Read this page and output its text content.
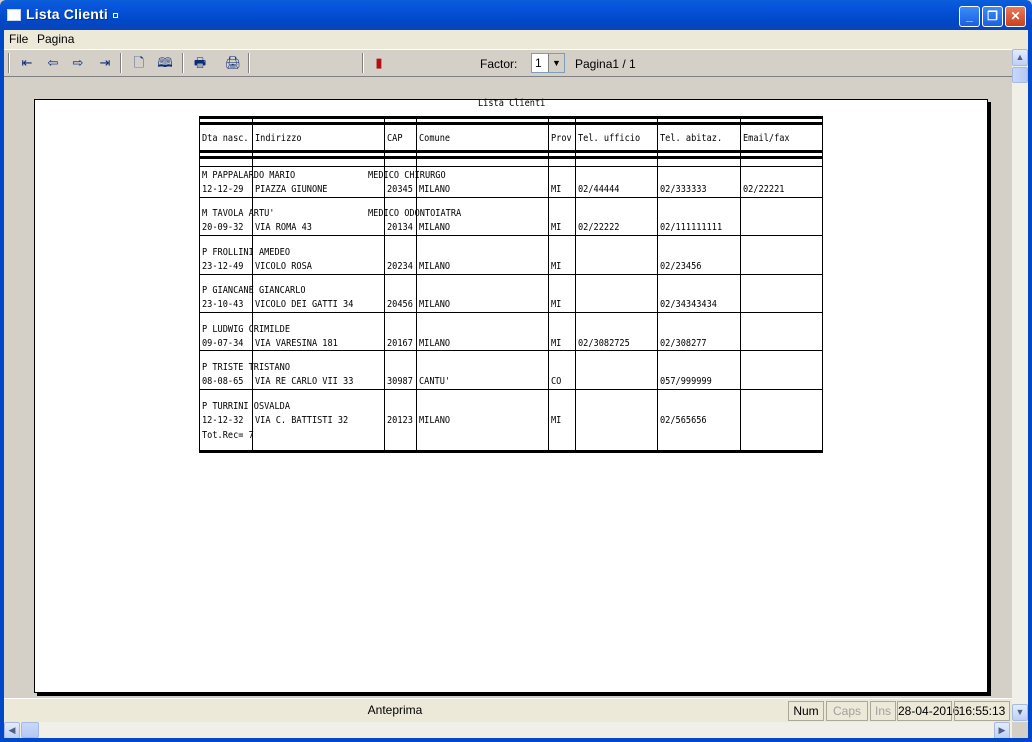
Lista Clienti	_	❐	✕
File Pagina
⇤	⇦	⇨	⇥	🗋	🕮	🖶	🖨	▮	Factor: 1	▼ Pagina1 / 1
Lista Clienti
Dta nasc. Indirizzo	CAP Comune	Prov Tel. ufficio Tel. abitaz. Email/fax
M PAPPALARDO MARIO	MEDICO CHIRURGO
12-12-29 PIAZZA GIUNONE	20345 MILANO	MI 02/44444	02/333333	02/22221
M TAVOLA ARTU'	MEDICO ODONTOIATRA
20-09-32 VIA ROMA 43	20134 MILANO	MI 02/22222	02/111111111
P FROLLINI AMEDEO
23-12-49 VICOLO ROSA	20234 MILANO	MI	02/23456
P GIANCANE GIANCARLO
23-10-43 VICOLO DEI GATTI 34	20456 MILANO	MI	02/34343434
P LUDWIG CRIMILDE
09-07-34 VIA VARESINA 181	20167 MILANO	MI 02/3082725	02/308277
P TRISTE TRISTANO
08-08-65 VIA RE CARLO VII 33	30987 CANTU'	CO	057/999999
P TURRINI OSVALDA
12-12-32 VIA C. BATTISTI 32	20123 MILANO	MI	02/565656
Tot.Rec= 7
▲
▼
Anteprima	Num	Caps	Ins 28-04-2016 16:55:13
◀	▶
